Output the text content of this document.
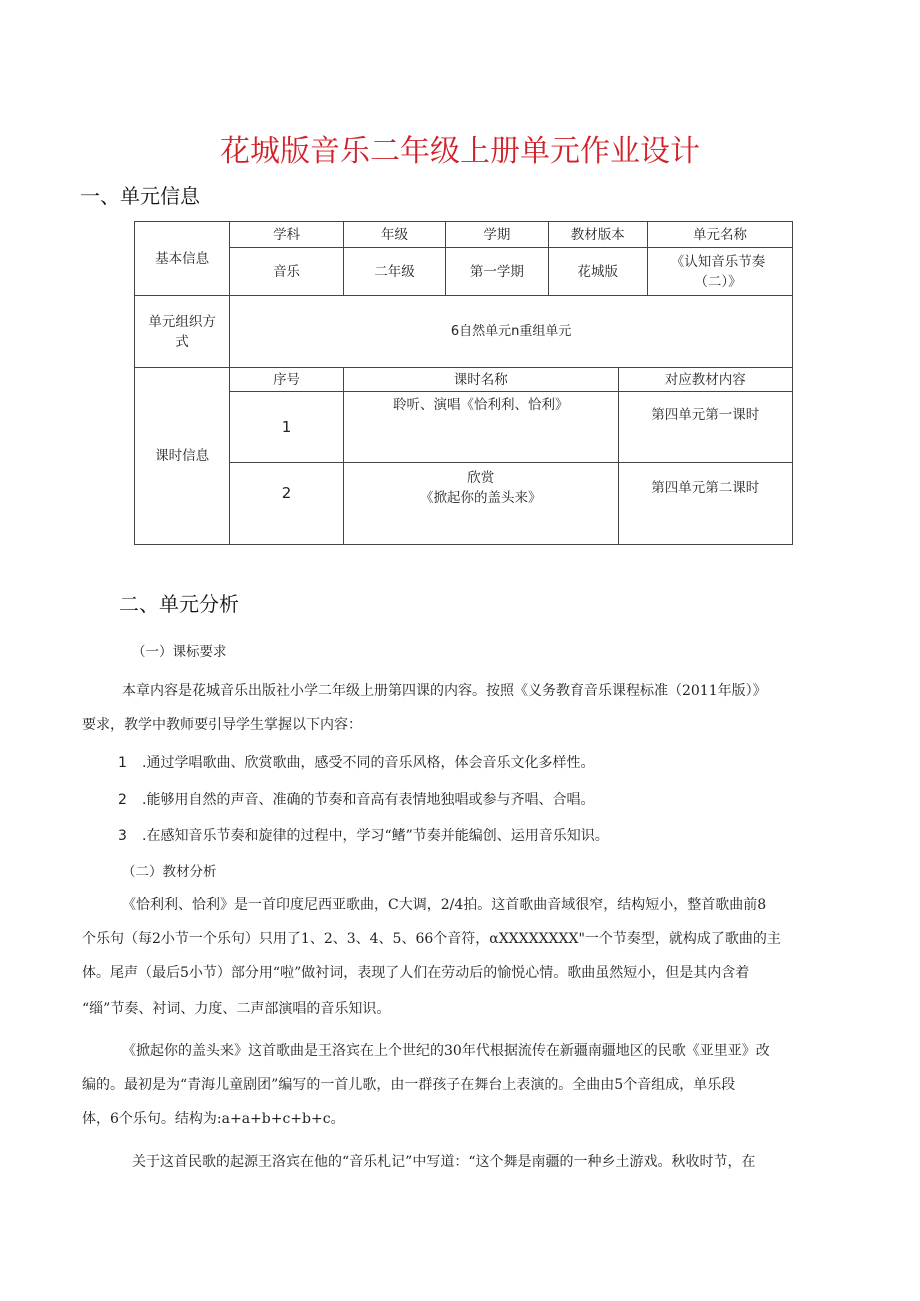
花城版音乐二年级上册单元作业设计
一、单元信息
基本信息	学科	年级	学期	教材版本		单元名称
	音乐	二年级	第一学期	花城版		《认知音乐节奏（二）》

单元组织方
式	6自然单元n重组单元					
课时信息	序号	课时名称			对应教材内容	
	1	聆听、演唱《恰利利、恰利》			第四单元第一课时	
	2	欣赏
《掀起你的盖头来》			第四单元第二课时	
二、单元分析
（一）课标要求
本章内容是花城音乐出版社小学二年级上册第四课的内容。按照《义务教育音乐课程标准（2011年版）》
要求，教学中教师要引导学生掌握以下内容：
1 .通过学唱歌曲、欣赏歌曲，感受不同的音乐风格，体会音乐文化多样性。
2 .能够用自然的声音、准确的节奏和音高有表情地独唱或参与齐唱、合唱。
3 .在感知音乐节奏和旋律的过程中，学习“鳍”节奏并能编创、运用音乐知识。
（二）教材分析
《恰利利、恰利》是一首印度尼西亚歌曲，C大调，2/4拍。这首歌曲音域很窄，结构短小，整首歌曲前8
个乐句（每2小节一个乐句）只用了1、2、3、4、5、66个音符，αXXXXXXXX"一个节奏型，就构成了歌曲的主
体。尾声（最后5小节）部分用“啦”做衬词，表现了人们在劳动后的愉悦心情。歌曲虽然短小，但是其内含着
“缁”节奏、衬词、力度、二声部演唱的音乐知识。
《掀起你的盖头来》这首歌曲是王洛宾在上个世纪的30年代根据流传在新疆南疆地区的民歌《亚里亚》改
编的。最初是为“青海儿童剧团”编写的一首儿歌，由一群孩子在舞台上表演的。全曲由5个音组成，单乐段
体，6个乐句。结构为:a+a+b+c+b+c。
关于这首民歌的起源王洛宾在他的“音乐札记”中写道：“这个舞是南疆的一种乡土游戏。秋收时节，在
